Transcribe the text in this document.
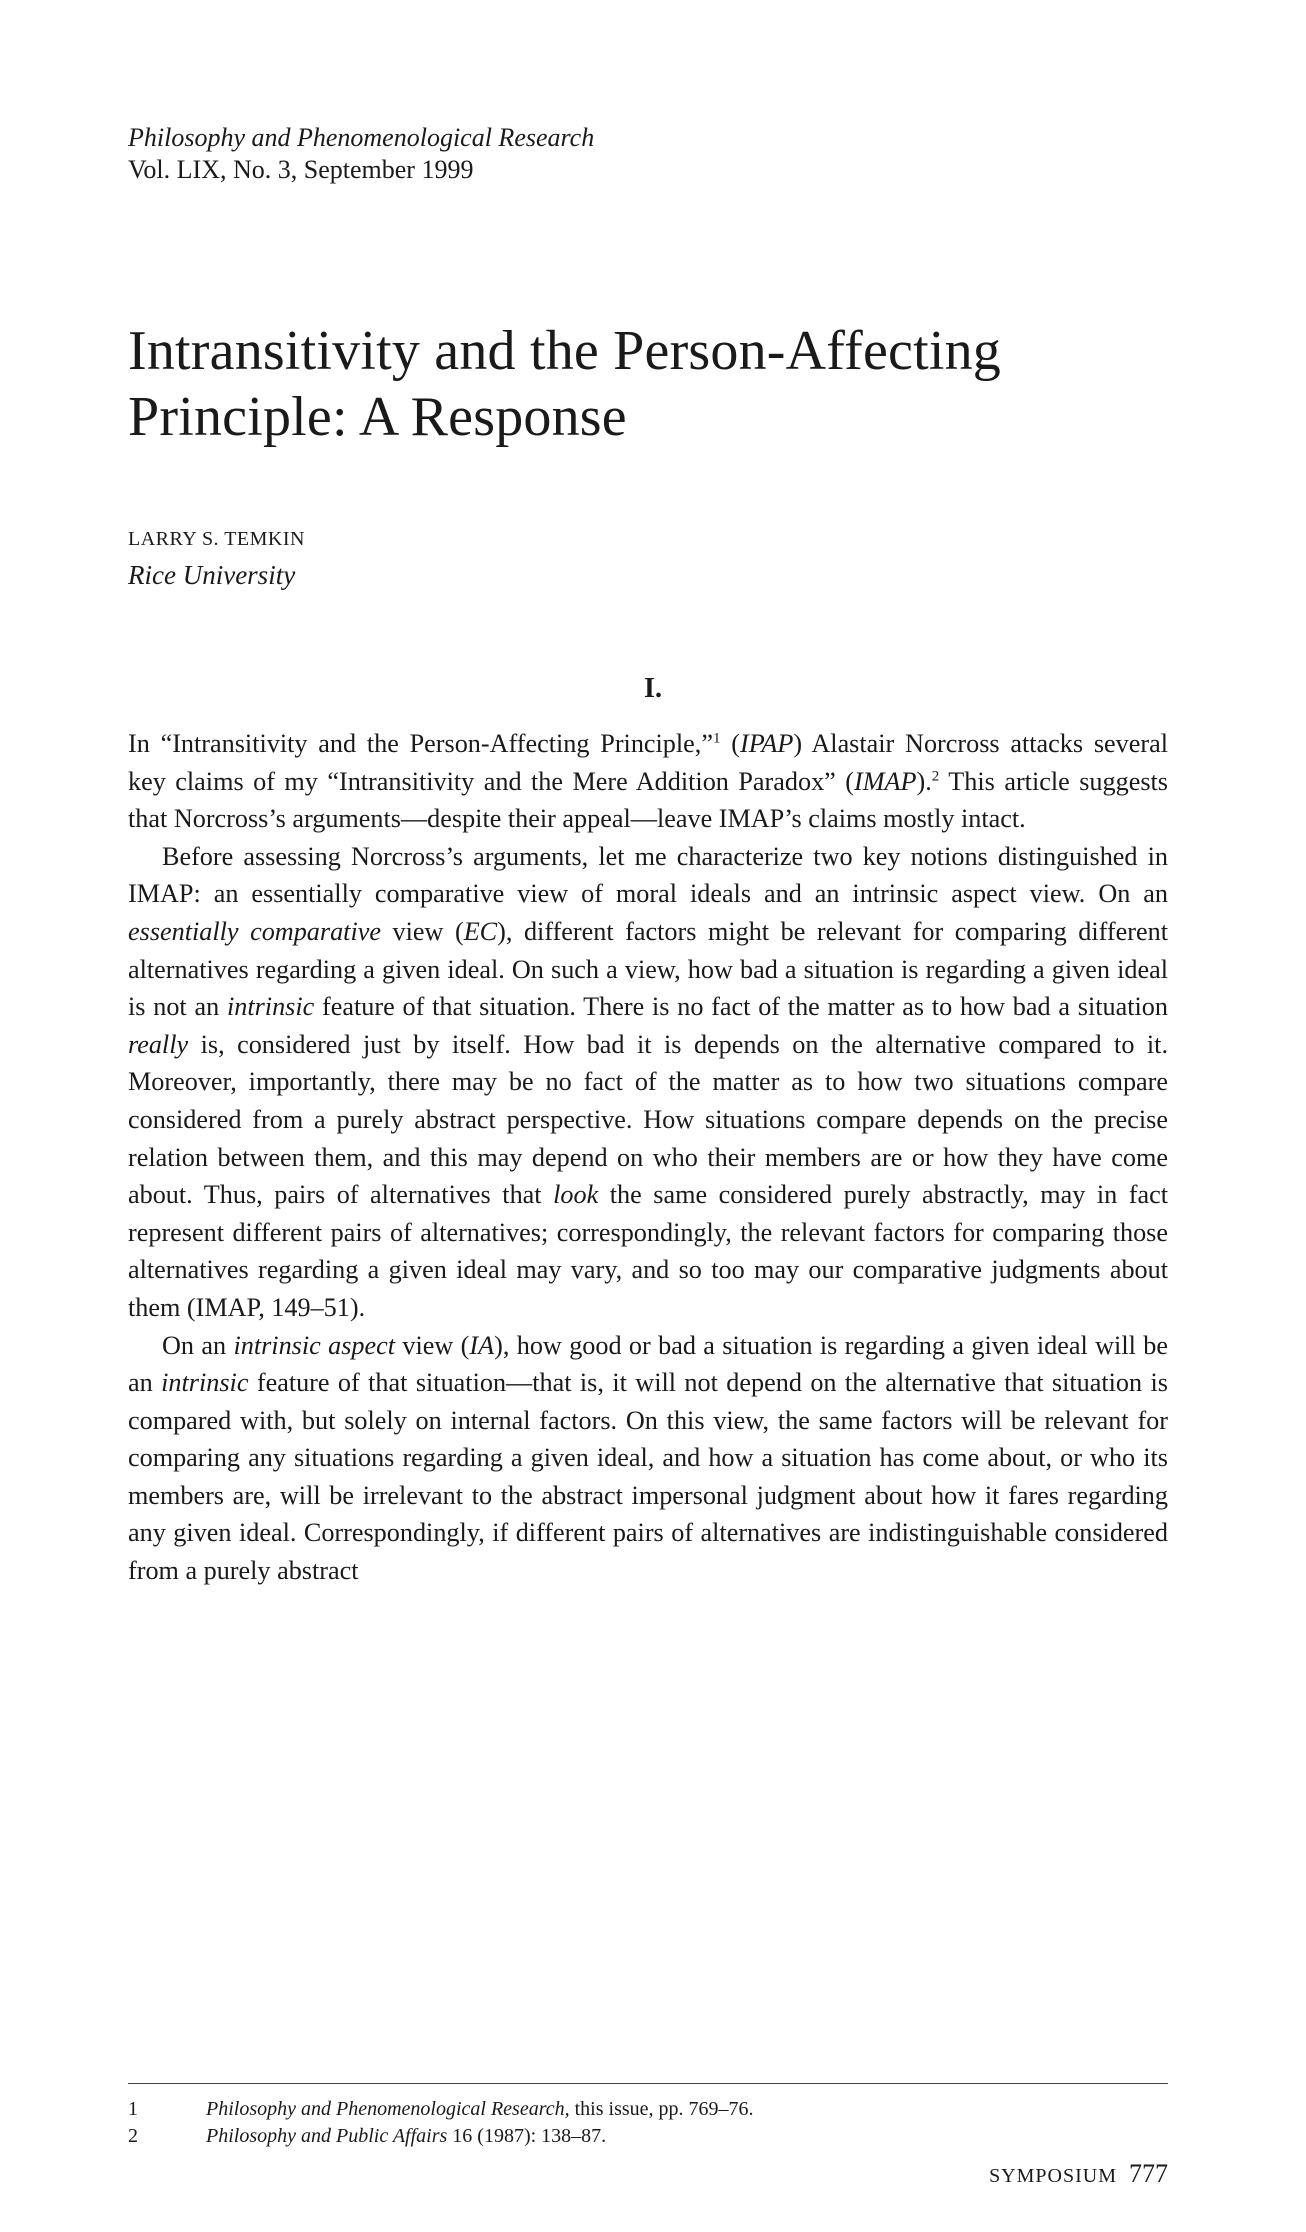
Philosophy and Phenomenological Research
Vol. LIX, No. 3, September 1999
Intransitivity and the Person-Affecting Principle: A Response
LARRY S. TEMKIN
Rice University
I.

In “Intransitivity and the Person-Affecting Principle,”$^1$ (IPAP) Alastair Norcross attacks several key claims of my “Intransitivity and the Mere Addition Paradox” (IMAP).$^2$ This article suggests that Norcross’s arguments—despite their appeal—leave IMAP’s claims mostly intact.

Before assessing Norcross’s arguments, let me characterize two key notions distinguished in IMAP: an essentially comparative view of moral ideals and an intrinsic aspect view. On an essentially comparative view (EC), different factors might be relevant for comparing different alternatives regarding a given ideal. On such a view, how bad a situation is regarding a given ideal is not an intrinsic feature of that situation. There is no fact of the matter as to how bad a situation really is, considered just by itself. How bad it is depends on the alternative compared to it. Moreover, importantly, there may be no fact of the matter as to how two situations compare considered from a purely abstract perspective. How situations compare depends on the precise relation between them, and this may depend on who their members are or how they have come about. Thus, pairs of alternatives that look the same considered purely abstractly, may in fact represent different pairs of alternatives; correspondingly, the relevant factors for comparing those alternatives regarding a given ideal may vary, and so too may our comparative judgments about them (IMAP, 149–51).

On an intrinsic aspect view (IA), how good or bad a situation is regarding a given ideal will be an intrinsic feature of that situation—that is, it will not depend on the alternative that situation is compared with, but solely on internal factors. On this view, the same factors will be relevant for comparing any situations regarding a given ideal, and how a situation has come about, or who its members are, will be irrelevant to the abstract impersonal judgment about how it fares regarding any given ideal. Correspondingly, if different pairs of alternatives are indistinguishable considered from a purely abstract

1	Philosophy and Phenomenological Research, this issue, pp. 769–76.
2	Philosophy and Public Affairs 16 (1987): 138–87.
SYMPOSIUM 777
